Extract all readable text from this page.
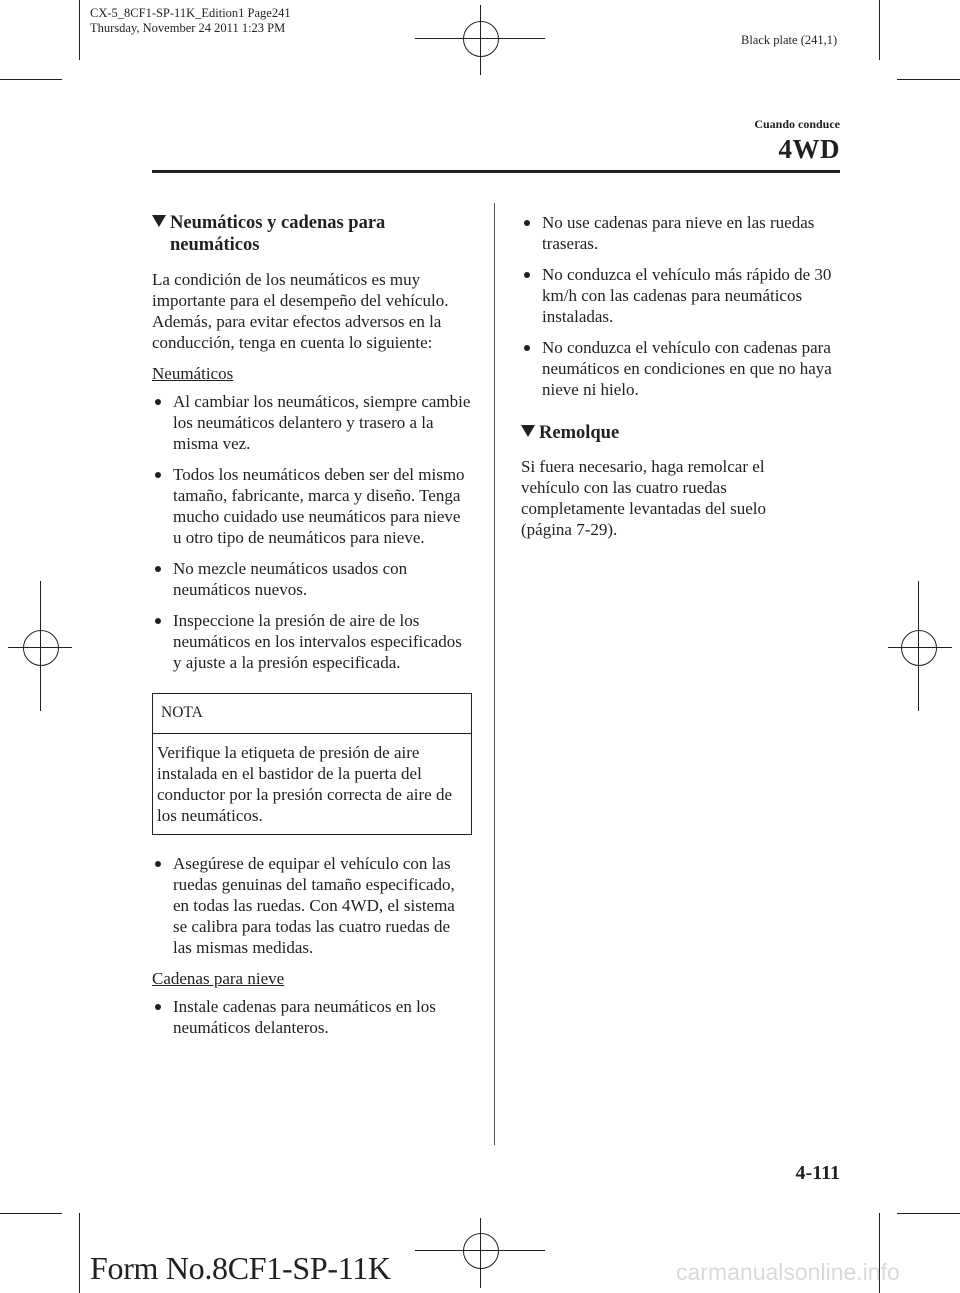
CX-5_8CF1-SP-11K_Edition1 Page241
Thursday, November 24 2011 1:23 PM
Black plate (241,1)
Cuando conduce
4WD
Neumáticos y cadenas para
neumáticos
La condición de los neumáticos es muy importante para el desempeño del vehículo. Además, para evitar efectos adversos en la conducción, tenga en cuenta lo siguiente:
Neumáticos
Al cambiar los neumáticos, siempre cambie los neumáticos delantero y trasero a la misma vez.
Todos los neumáticos deben ser del mismo tamaño, fabricante, marca y diseño. Tenga mucho cuidado use neumáticos para nieve u otro tipo de neumáticos para nieve.
No mezcle neumáticos usados con neumáticos nuevos.
Inspeccione la presión de aire de los neumáticos en los intervalos especificados y ajuste a la presión especificada.
NOTA
Verifique la etiqueta de presión de aire instalada en el bastidor de la puerta del conductor por la presión correcta de aire de los neumáticos.
Asegúrese de equipar el vehículo con las ruedas genuinas del tamaño especificado, en todas las ruedas. Con 4WD, el sistema se calibra para todas las cuatro ruedas de las mismas medidas.
Cadenas para nieve
Instale cadenas para neumáticos en los neumáticos delanteros.
No use cadenas para nieve en las ruedas traseras.
No conduzca el vehículo más rápido de 30 km/h con las cadenas para neumáticos instaladas.
No conduzca el vehículo con cadenas para neumáticos en condiciones en que no haya nieve ni hielo.
Remolque
Si fuera necesario, haga remolcar el vehículo con las cuatro ruedas completamente levantadas del suelo (página 7-29).
4-111
Form No.8CF1-SP-11K	carmanualsonline.info
